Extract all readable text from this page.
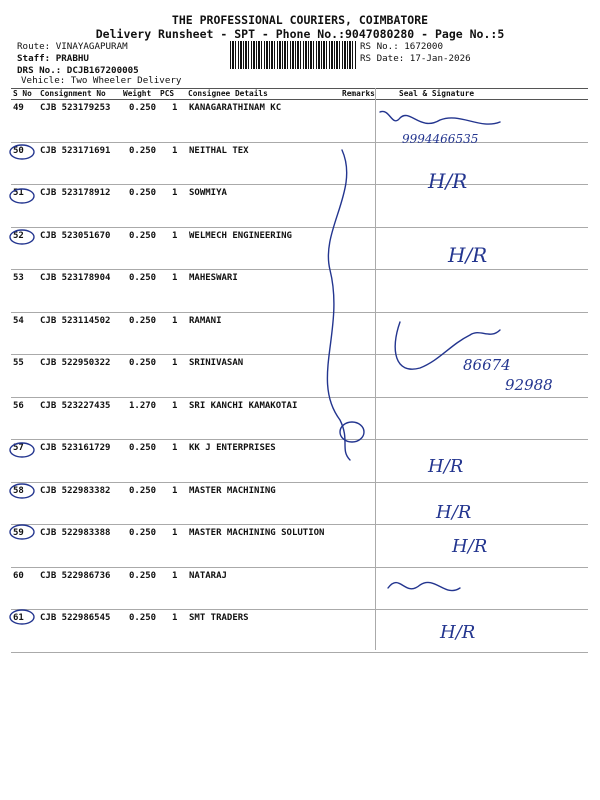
THE PROFESSIONAL COURIERS, COIMBATORE
Delivery Runsheet - SPT - Phone No.:9047080280 - Page No.:5
Route: VINAYAGAPURAM
Staff: PRABHU
DRS No.: DCJB167200005
Vehicle: Two Wheeler Delivery
RS No.: 1672000
RS Date: 17-Jan-2026
S No Consignment No Weight PCS Consignee Details	Remarks	Seal & Signature
49 CJB 523179253 0.250 1 KANAGARATHINAM KC
50 CJB 523171691 0.250 1 NEITHAL TEX
51 CJB 523178912 0.250 1 SOWMIYA
52 CJB 523051670 0.250 1 WELMECH ENGINEERING
53 CJB 523178904 0.250 1 MAHESWARI
54 CJB 523114502 0.250 1 RAMANI
55 CJB 522950322 0.250 1 SRINIVASAN
56 CJB 523227435 1.270 1 SRI KANCHI KAMAKOTAI
57 CJB 523161729 0.250 1 KK J ENTERPRISES
58 CJB 522983382 0.250 1 MASTER MACHINING
59 CJB 522983388 0.250 1 MASTER MACHINING SOLUTION
60 CJB 522986736 0.250 1 NATARAJ
61 CJB 522986545 0.250 1 SMT TRADERS
9994466535
H/R
H/R
86674
92988
H/R
H/R
H/R
H/R
